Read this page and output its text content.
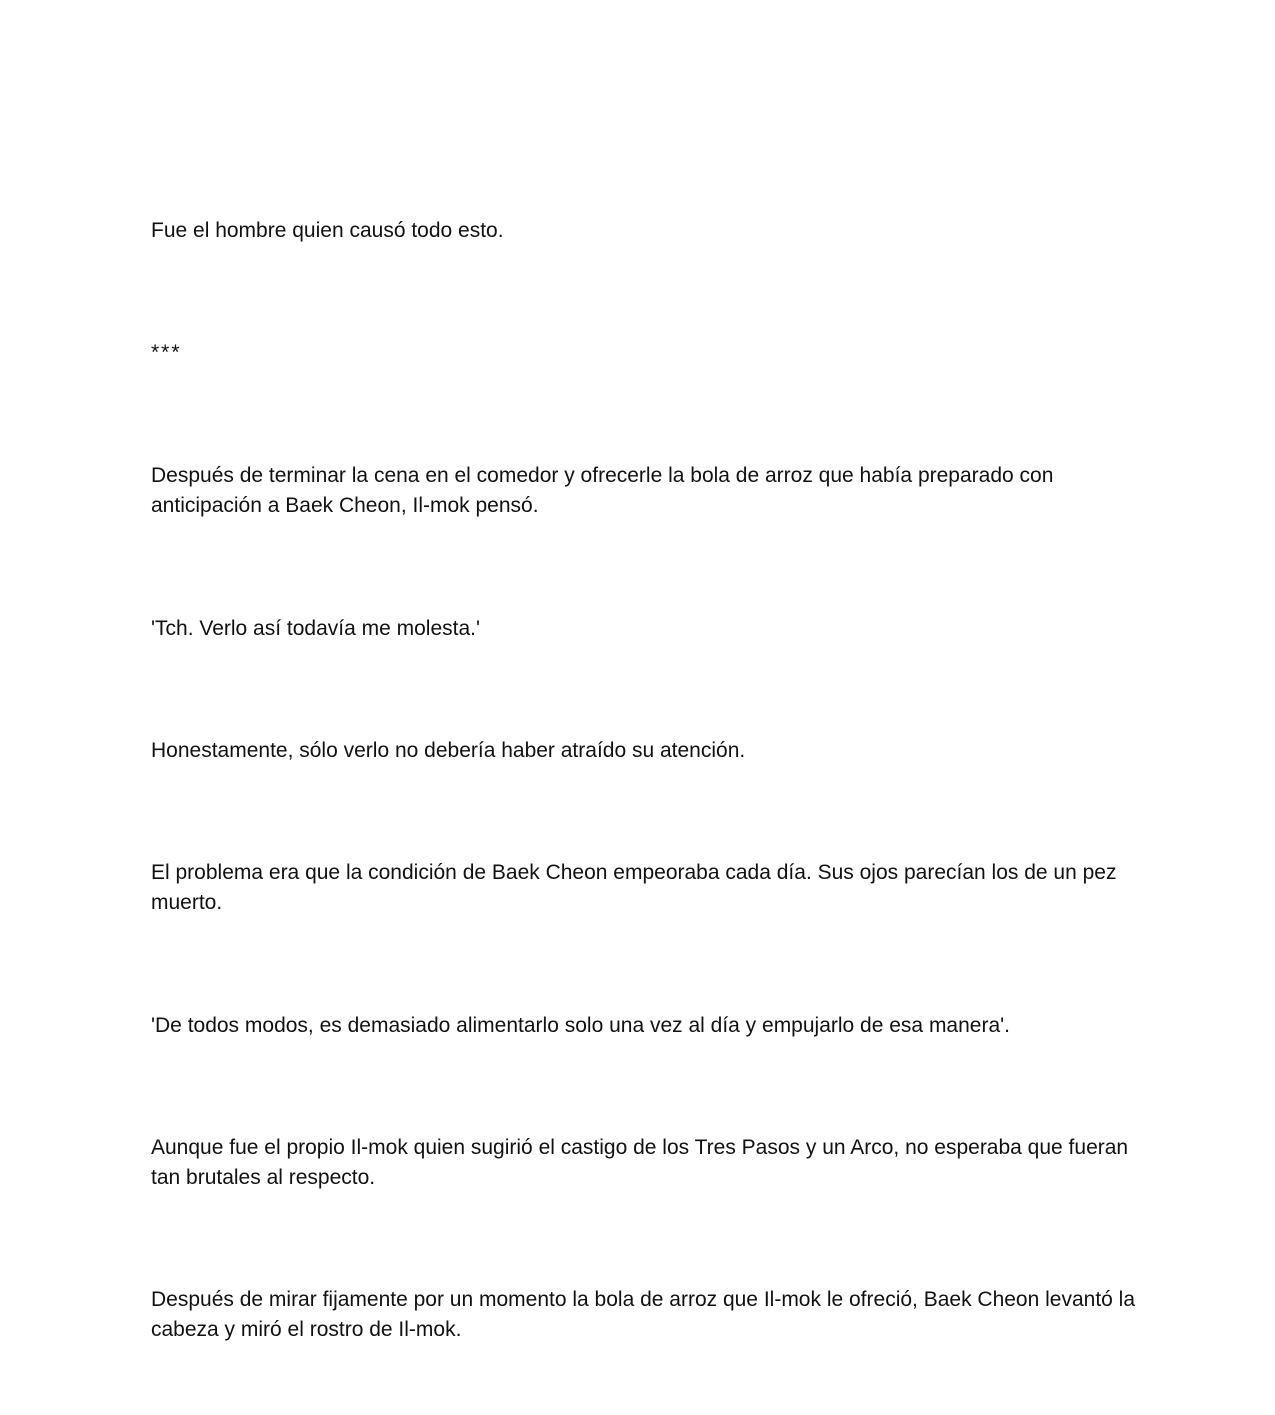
Fue el hombre quien causó todo esto.

***

Después de terminar la cena en el comedor y ofrecerle la bola de arroz que había preparado con anticipación a Baek Cheon, Il-mok pensó.

'Tch. Verlo así todavía me molesta.'

Honestamente, sólo verlo no debería haber atraído su atención.

El problema era que la condición de Baek Cheon empeoraba cada día. Sus ojos parecían los de un pez muerto.

'De todos modos, es demasiado alimentarlo solo una vez al día y empujarlo de esa manera'.

Aunque fue el propio Il-mok quien sugirió el castigo de los Tres Pasos y un Arco, no esperaba que fueran tan brutales al respecto.

Después de mirar fijamente por un momento la bola de arroz que Il-mok le ofreció, Baek Cheon levantó la cabeza y miró el rostro de Il-mok.
